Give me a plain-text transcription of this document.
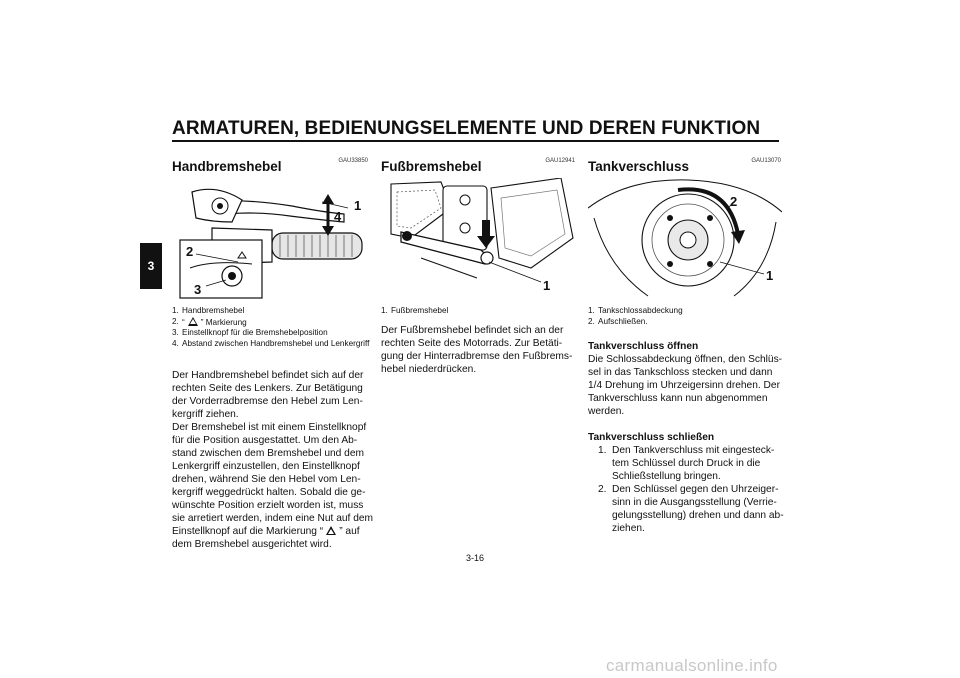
ARMATUREN, BEDIENUNGSELEMENTE UND DEREN FUNKTION
3
GAU33850
Handbremshebel
1
4
2
3
1. Handbremshebel
2. “ ” Markierung
3. Einstellknopf für die Bremshebelposition
4. Abstand zwischen Handbremshebel und Lenkergriff

Der Handbremshebel befindet sich auf der rechten Seite des Lenkers. Zur Betätigung der Vorderradbremse den Hebel zum Len- kergriff ziehen.

Der Bremshebel ist mit einem Einstellknopf für die Position ausgestattet. Um den Ab- stand zwischen dem Bremshebel und dem Lenkergriff einzustellen, den Einstellknopf drehen, während Sie den Hebel vom Len- kergriff weggedrückt halten. Sobald die ge- wünschte Position erzielt worden ist, muss sie arretiert werden, indem eine Nut auf dem Einstellknopf auf die Markierung “ ” auf dem Bremshebel ausgerichtet wird.

GAU12941
Fußbremshebel
1
1. Fußbremshebel

Der Fußbremshebel befindet sich an der rechten Seite des Motorrads. Zur Betäti- gung der Hinterradbremse den Fußbrems- hebel niederdrücken.

GAU13070
Tankverschluss
2
1
1. Tankschlossabdeckung
2. Aufschließen.

Tankverschluss öffnen

Die Schlossabdeckung öffnen, den Schlüs- sel in das Tankschloss stecken und dann 1/4 Drehung im Uhrzeigersinn drehen. Der Tankverschluss kann nun abgenommen werden.

Tankverschluss schließen

1. Den Tankverschluss mit eingesteck- tem Schlüssel durch Druck in die Schließstellung bringen.
2. Den Schlüssel gegen den Uhrzeiger- sinn in die Ausgangsstellung (Verrie- gelungsstellung) drehen und dann ab- ziehen.
3-16
carmanualsonline.info
